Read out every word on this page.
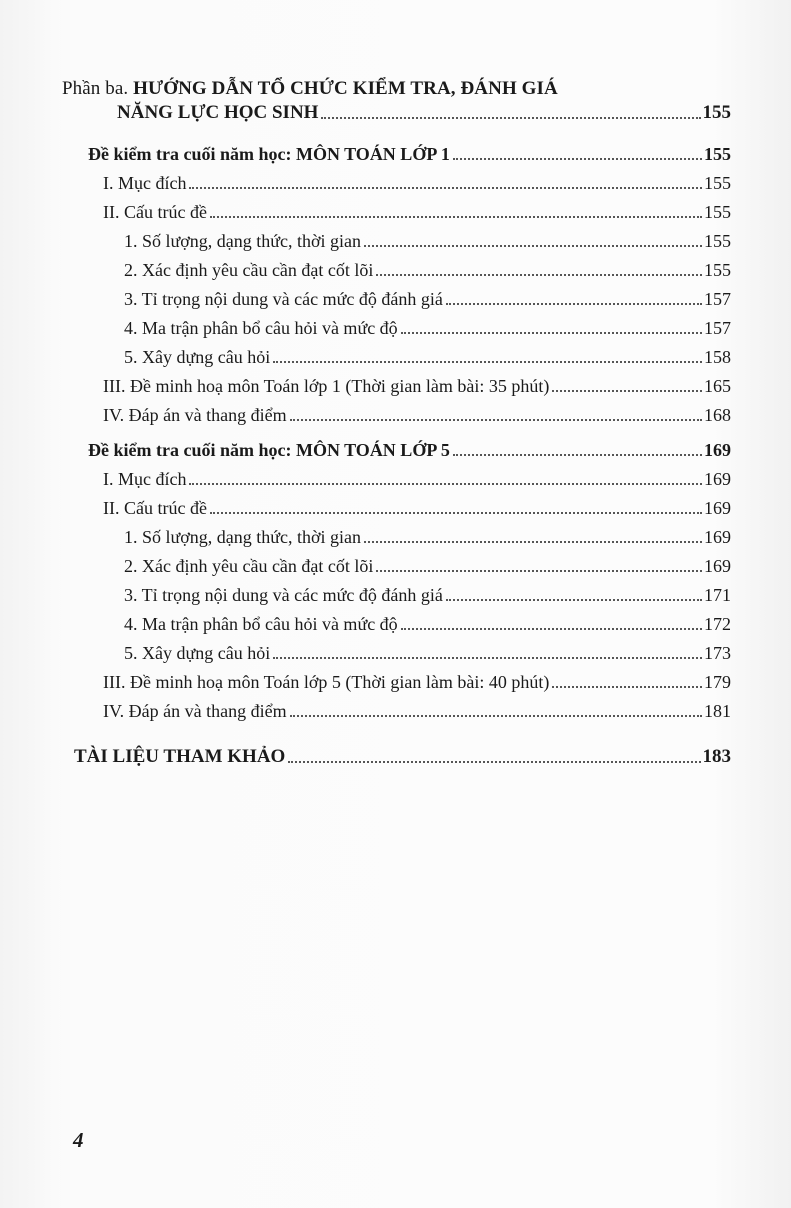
Phần ba. HƯỚNG DẪN TỔ CHỨC KIỂM TRA, ĐÁNH GIÁ
NĂNG LỰC HỌC SINH	155
Đề kiểm tra cuối năm học: MÔN TOÁN LỚP 1	155
I. Mục đích	155
II. Cấu trúc đề	155
1. Số lượng, dạng thức, thời gian	155
2. Xác định yêu cầu cần đạt cốt lõi	155
3. Tỉ trọng nội dung và các mức độ đánh giá	157
4. Ma trận phân bổ câu hỏi và mức độ	157
5. Xây dựng câu hỏi	158
III. Đề minh hoạ môn Toán lớp 1 (Thời gian làm bài: 35 phút)	165
IV. Đáp án và thang điểm	168
Đề kiểm tra cuối năm học: MÔN TOÁN LỚP 5	169
I. Mục đích	169
II. Cấu trúc đề	169
1. Số lượng, dạng thức, thời gian	169
2. Xác định yêu cầu cần đạt cốt lõi	169
3. Tỉ trọng nội dung và các mức độ đánh giá	171
4. Ma trận phân bổ câu hỏi và mức độ	172
5. Xây dựng câu hỏi	173
III. Đề minh hoạ môn Toán lớp 5 (Thời gian làm bài: 40 phút)	179
IV. Đáp án và thang điểm	181
TÀI LIỆU THAM KHẢO	183
4
